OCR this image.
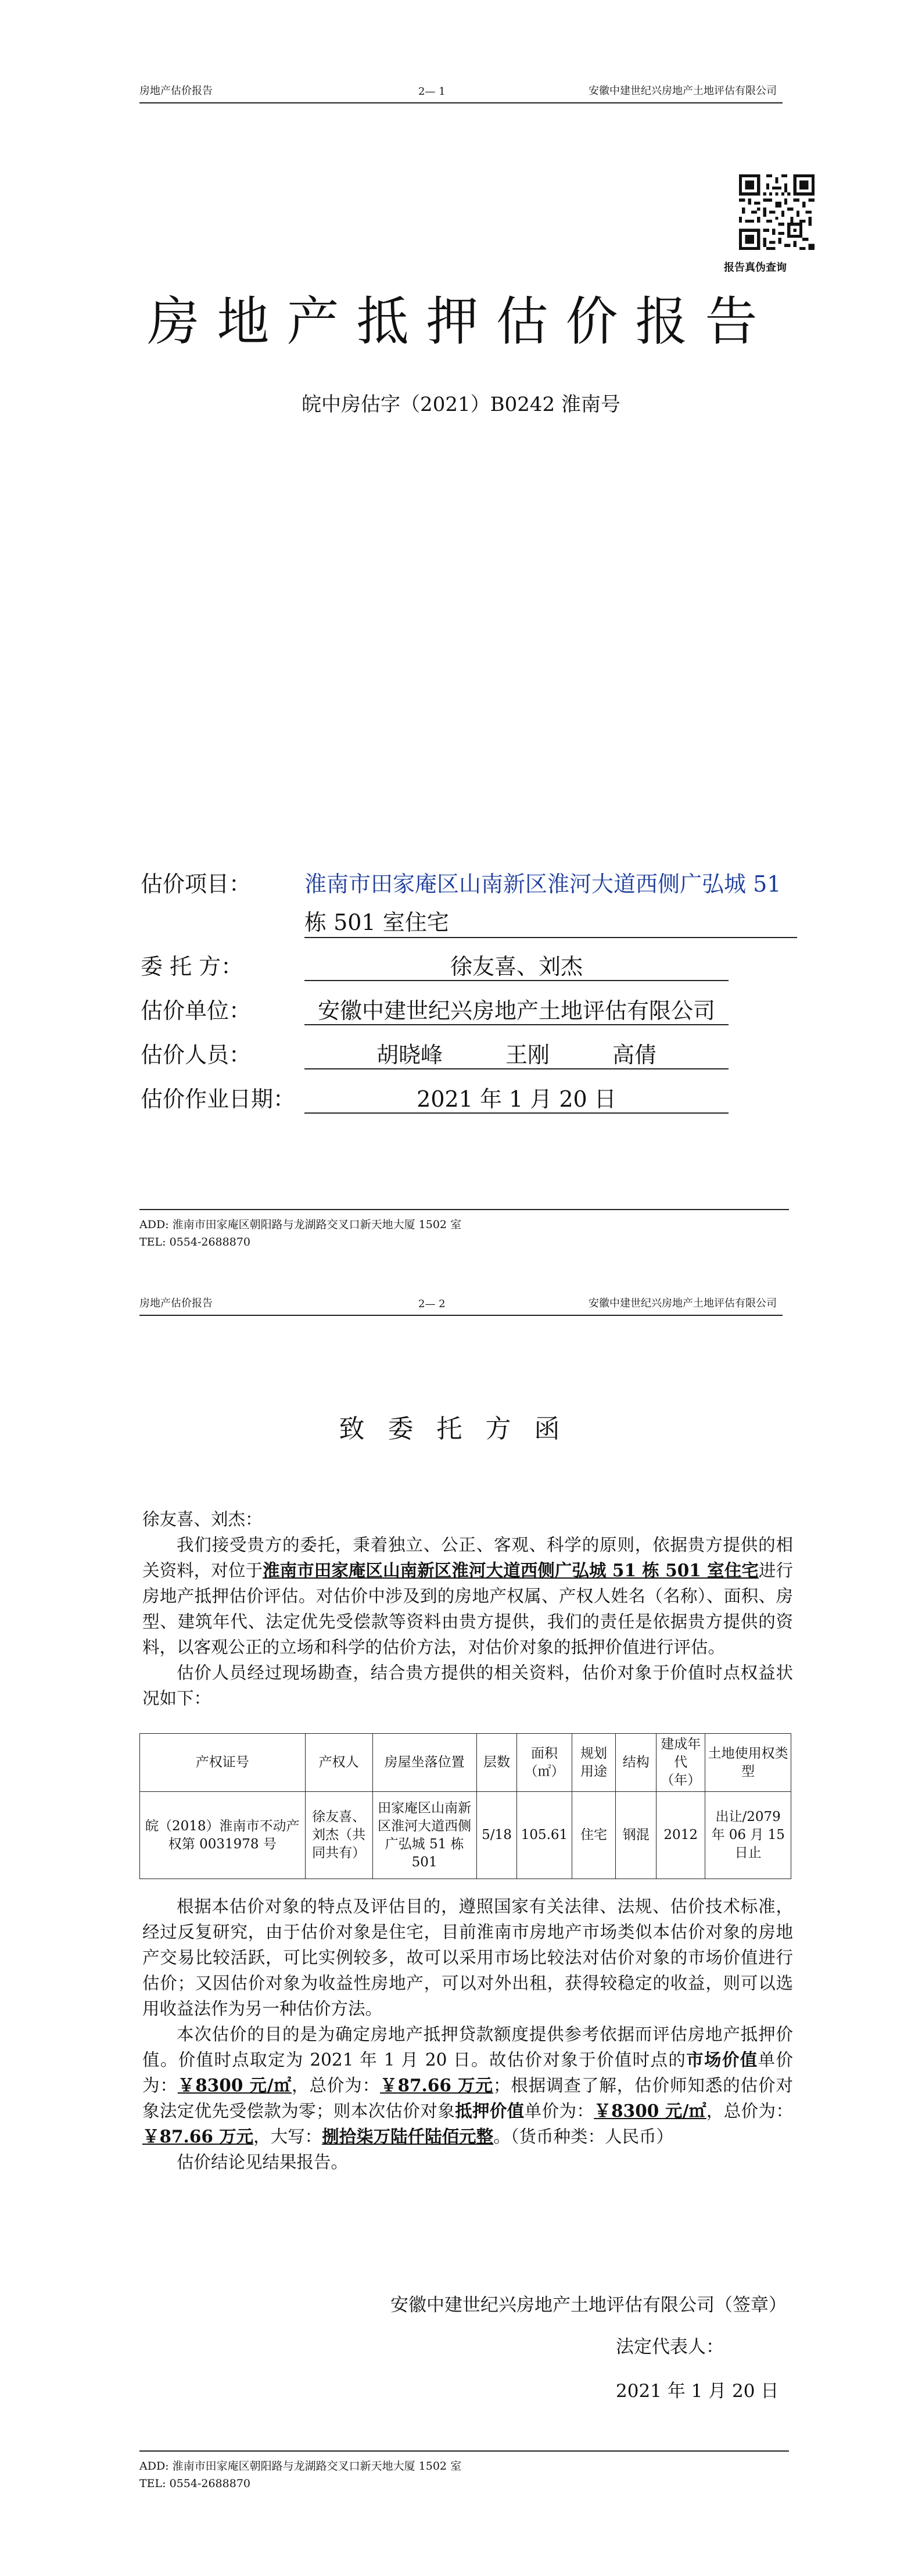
房地产估价报告	2— 1	安徽中建世纪兴房地产土地评估有限公司
报告真伪查询
房地产抵押估价报告
皖中房估字（2021）B0242 淮南号
估价项目： 淮南市田家庵区山南新区淮河大道西侧广弘城 51
栋 501 室住宅
委 托 方：	徐友喜、刘杰
估价单位：	安徽中建世纪兴房地产土地评估有限公司
估价人员：	胡晓峰	王刚	高倩
估价作业日期：	2021 年 1 月 20 日
ADD: 淮南市田家庵区朝阳路与龙湖路交叉口新天地大厦 1502 室
TEL: 0554-2688870
房地产估价报告	2— 2	安徽中建世纪兴房地产土地评估有限公司
致委托方函

徐友喜、刘杰：

我们接受贵方的委托，秉着独立、公正、客观、科学的原则，依据贵方提供的相关资料，对位于淮南市田家庵区山南新区淮河大道西侧广弘城 51 栋 501 室住宅进行房地产抵押估价评估。对估价中涉及到的房地产权属、产权人姓名（名称）、面积、房型、建筑年代、法定优先受偿款等资料由贵方提供，我们的责任是依据贵方提供的资料，以客观公正的立场和科学的估价方法，对估价对象的抵押价值进行评估。

估价人员经过现场勘查，结合贵方提供的相关资料，估价对象于价值时点权益状况如下：

产权证号	产权人	房屋坐落位置	层数	面积（㎡）	规划用途	结构	建成年代（年）	土地使用权类型
皖（2018）淮南市不动产权第 0031978 号	徐友喜、刘杰（共同共有）	田家庵区山南新区淮河大道西侧广弘城 51 栋 501	5/18	105.61	住宅	钢混	2012	出让/2079 年 06 月 15 日止

根据本估价对象的特点及评估目的，遵照国家有关法律、法规、估价技术标准，经过反复研究，由于估价对象是住宅，目前淮南市房地产市场类似本估价对象的房地产交易比较活跃，可比实例较多，故可以采用市场比较法对估价对象的市场价值进行估价；又因估价对象为收益性房地产，可以对外出租，获得较稳定的收益，则可以选用收益法作为另一种估价方法。

本次估价的目的是为确定房地产抵押贷款额度提供参考依据而评估房地产抵押价值。价值时点取定为 2021 年 1 月 20 日。故估价对象于价值时点的市场价值单价为：￥8300 元/㎡，总价为：￥87.66 万元；根据调查了解，估价师知悉的估价对象法定优先受偿款为零；则本次估价对象抵押价值单价为：￥8300 元/㎡，总价为：￥87.66 万元，大写：捌拾柒万陆仟陆佰元整。（货币种类：人民币）

估价结论见结果报告。

安徽中建世纪兴房地产土地评估有限公司（签章）
法定代表人：
2021 年 1 月 20 日
ADD: 淮南市田家庵区朝阳路与龙湖路交叉口新天地大厦 1502 室
TEL: 0554-2688870
